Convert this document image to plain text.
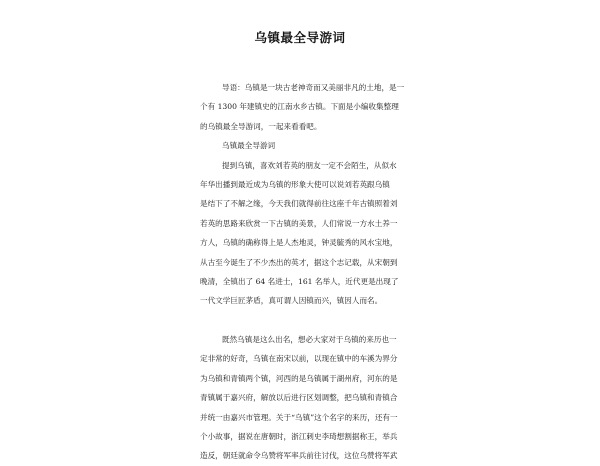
乌镇最全导游词
导语：乌镇是一块古老神奇而又美丽非凡的土地，是一
个有 1300 年建镇史的江南水乡古镇。下面是小编收集整理
的乌镇最全导游词，一起来看看吧。
乌镇最全导游词
提到乌镇，喜欢刘若英的朋友一定不会陌生，从似水
年华出播到最近成为乌镇的形象大使可以说刘若英跟乌镇
是结下了不解之缘，今天我们就得前往这座千年古镇照着刘
若英的思路来欣赏一下古镇的美景，人们常说一方水土养一
方人，乌镇的确称得上是人杰地灵，钟灵毓秀的风水宝地，
从古至今诞生了不少杰出的英才，据这个志记载，从宋朝到
晚清，全镇出了 64 名进士，161 名举人，近代更是出现了
一代文学巨匠茅盾，真可谓人因镇而兴，镇因人而名。
既然乌镇是这么出名，想必大家对于乌镇的来历也一
定非常的好奇，乌镇在南宋以前，以现在镇中的车溪为界分
为乌镇和青镇两个镇，河西的是乌镇属于湖州府，河东的是
青镇属于嘉兴府，解放以后进行区划调整，把乌镇和青镇合
并统一由嘉兴市管理。关于“乌镇”这个名字的来历，还有一
个小故事，据说在唐朝时，浙江刺史李琦想割据称王，举兵
造反，朝廷就命令乌赞将军率兵前往讨伐，这位乌赞将军武
